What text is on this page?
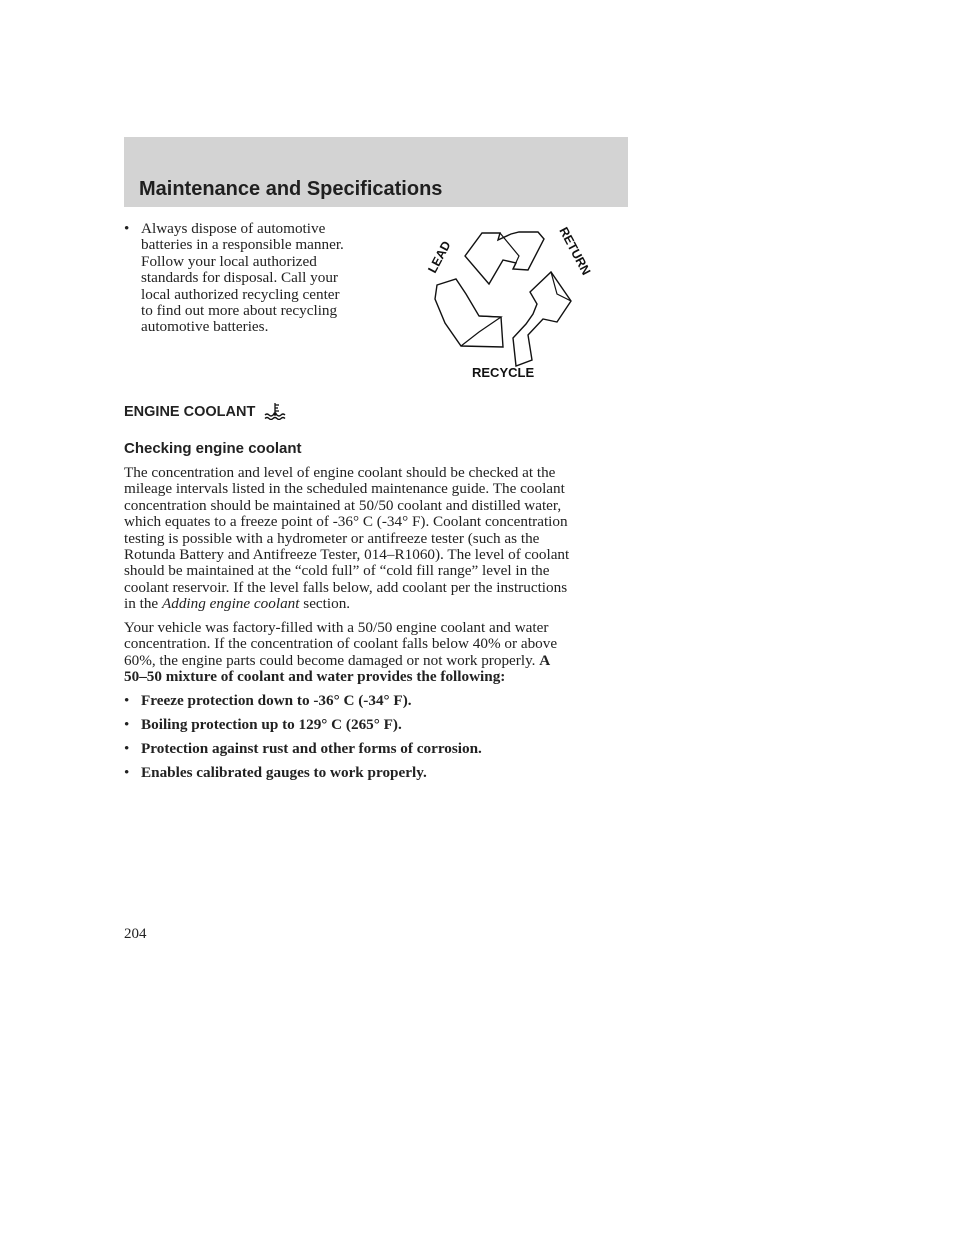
Maintenance and Specifications
• Always dispose of automotive
batteries in a responsible manner.
Follow your local authorized
standards for disposal. Call your
local authorized recycling center
to find out more about recycling
automotive batteries.
LEAD	RETURN
RECYCLE
ENGINE COOLANT
Checking engine coolant

The concentration and level of engine coolant should be checked at the
mileage intervals listed in the scheduled maintenance guide. The coolant
concentration should be maintained at 50/50 coolant and distilled water,
which equates to a freeze point of -36° C (-34° F). Coolant concentration
testing is possible with a hydrometer or antifreeze tester (such as the
Rotunda Battery and Antifreeze Tester, 014–R1060). The level of coolant
should be maintained at the “cold full” of “cold fill range” level in the
coolant reservoir. If the level falls below, add coolant per the instructions
in the Adding engine coolant section.

Your vehicle was factory-filled with a 50/50 engine coolant and water
concentration. If the concentration of coolant falls below 40% or above
60%, the engine parts could become damaged or not work properly. A
50–50 mixture of coolant and water provides the following:

• Freeze protection down to -36° C (-34° F).
• Boiling protection up to 129° C (265° F).
• Protection against rust and other forms of corrosion.
• Enables calibrated gauges to work properly.
204
